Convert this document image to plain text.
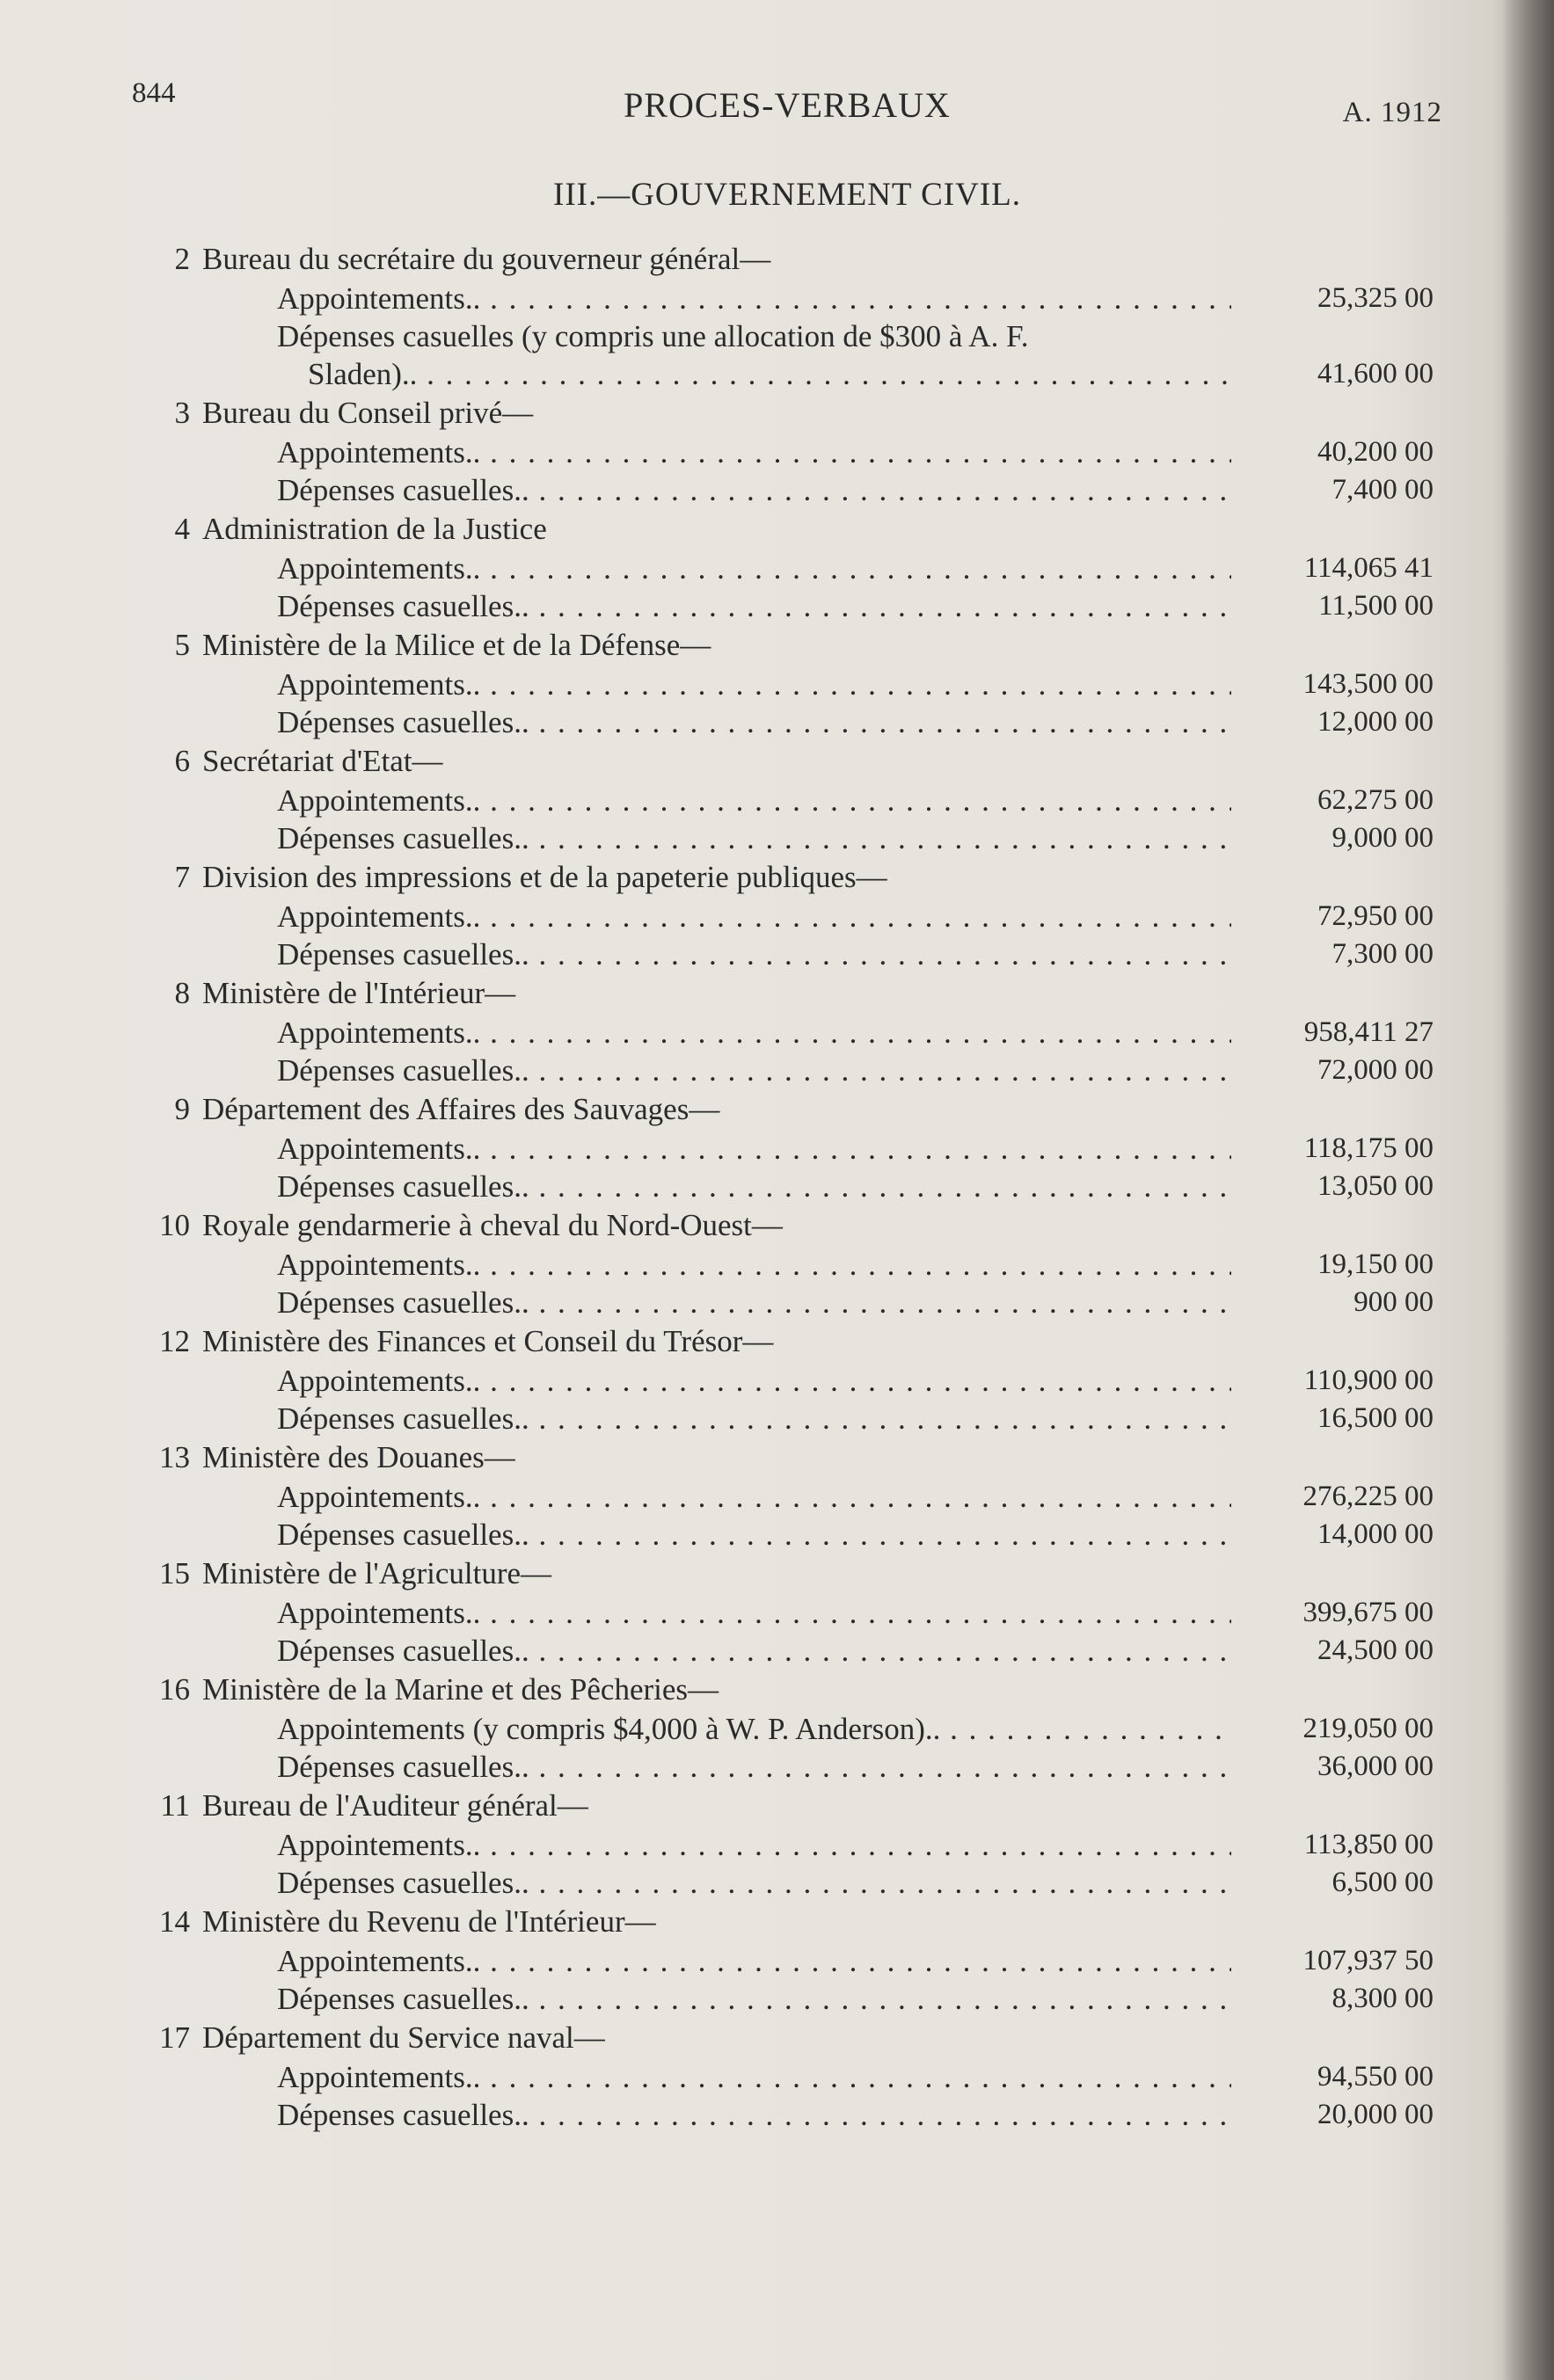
844	PROCES-VERBAUX	A. 1912
III.—GOUVERNEMENT CIVIL.
2 Bureau du secrétaire du gouverneur général—
Appointements.. . . .	25,325 00
Dépenses casuelles (y compris une allocation de $300 à A. F.
Sladen).. . . .	41,600 00
3 Bureau du Conseil privé—
Appointements.. . . .	40,200 00
Dépenses casuelles.. . . .	7,400 00
4 Administration de la Justice
Appointements.. . . .	114,065 41
Dépenses casuelles.. . . .	11,500 00
5 Ministère de la Milice et de la Défense—
Appointements.. . . .	143,500 00
Dépenses casuelles.. . . .	12,000 00
6 Secrétariat d'Etat—
Appointements.. . . .	62,275 00
Dépenses casuelles.. . . .	9,000 00
7 Division des impressions et de la papeterie publiques—
Appointements.. . . .	72,950 00
Dépenses casuelles.. . . .	7,300 00
8 Ministère de l'Intérieur—
Appointements.. . . .	958,411 27
Dépenses casuelles.. . . .	72,000 00
9 Département des Affaires des Sauvages—
Appointements.. . . .	118,175 00
Dépenses casuelles.. . . .	13,050 00
10 Royale gendarmerie à cheval du Nord-Ouest—
Appointements.. . . .	19,150 00
Dépenses casuelles.. . . .	900 00
12 Ministère des Finances et Conseil du Trésor—
Appointements.. . . .	110,900 00
Dépenses casuelles.. . . .	16,500 00
13 Ministère des Douanes—
Appointements.. . . .	276,225 00
Dépenses casuelles.. . . .	14,000 00
15 Ministère de l'Agriculture—
Appointements.. . . .	399,675 00
Dépenses casuelles.. . . .	24,500 00
16 Ministère de la Marine et des Pêcheries—
Appointements (y compris $4,000 à W. P. Anderson).. . . .	219,050 00
Dépenses casuelles.. . . .	36,000 00
11 Bureau de l'Auditeur général—
Appointements.. . . .	113,850 00
Dépenses casuelles.. . . .	6,500 00
14 Ministère du Revenu de l'Intérieur—
Appointements.. . . .	107,937 50
Dépenses casuelles.. . . .	8,300 00
17 Département du Service naval—
Appointements.. . . .	94,550 00
Dépenses casuelles.. . . .	20,000 00
